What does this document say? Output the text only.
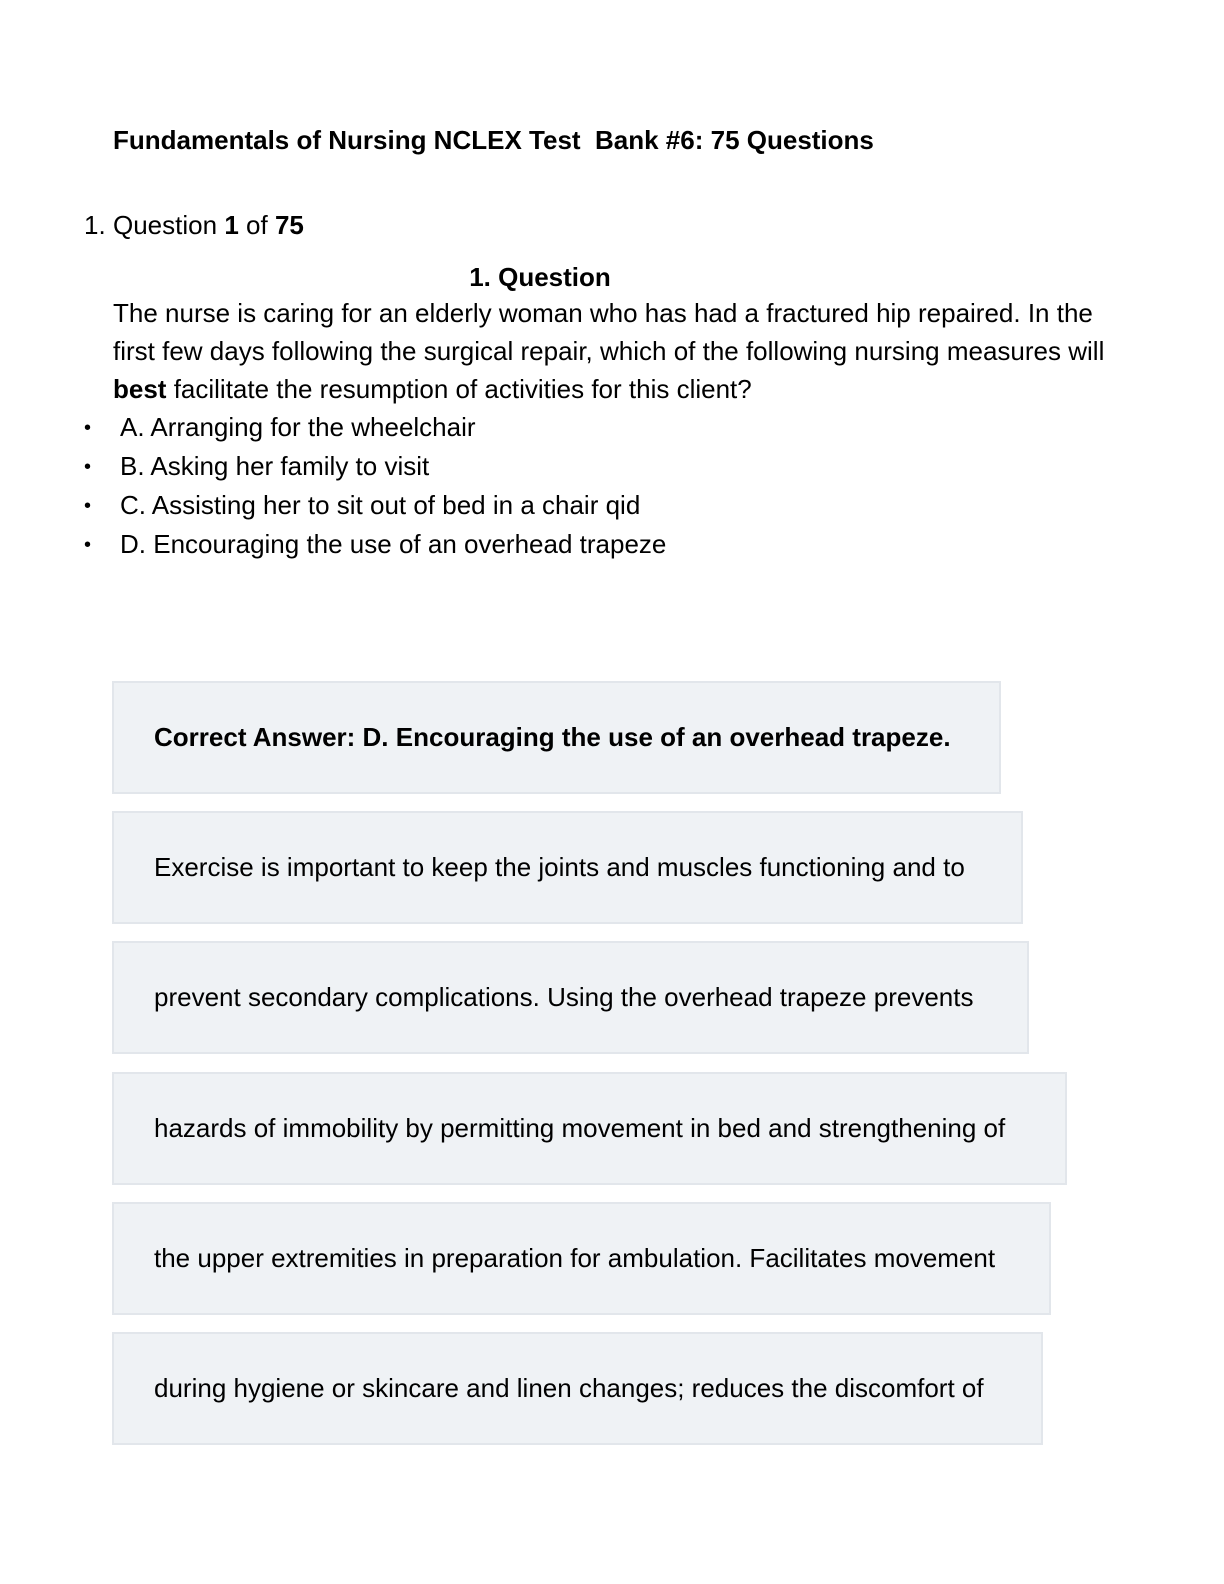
Fundamentals of Nursing NCLEX Test  Bank #6: 75 Questions
1. Question 1 of 75
1. Question

The nurse is caring for an elderly woman who has had a fractured hip repaired. In the first few days following the surgical repair, which of the following nursing measures will best facilitate the resumption of activities for this client?

• A. Arranging for the wheelchair
• B. Asking her family to visit
• C. Assisting her to sit out of bed in a chair qid
• D. Encouraging the use of an overhead trapeze
Correct Answer: D. Encouraging the use of an overhead trapeze.
Exercise is important to keep the joints and muscles functioning and to
prevent secondary complications. Using the overhead trapeze prevents
hazards of immobility by permitting movement in bed and strengthening of
the upper extremities in preparation for ambulation. Facilitates movement
during hygiene or skincare and linen changes; reduces the discomfort of
